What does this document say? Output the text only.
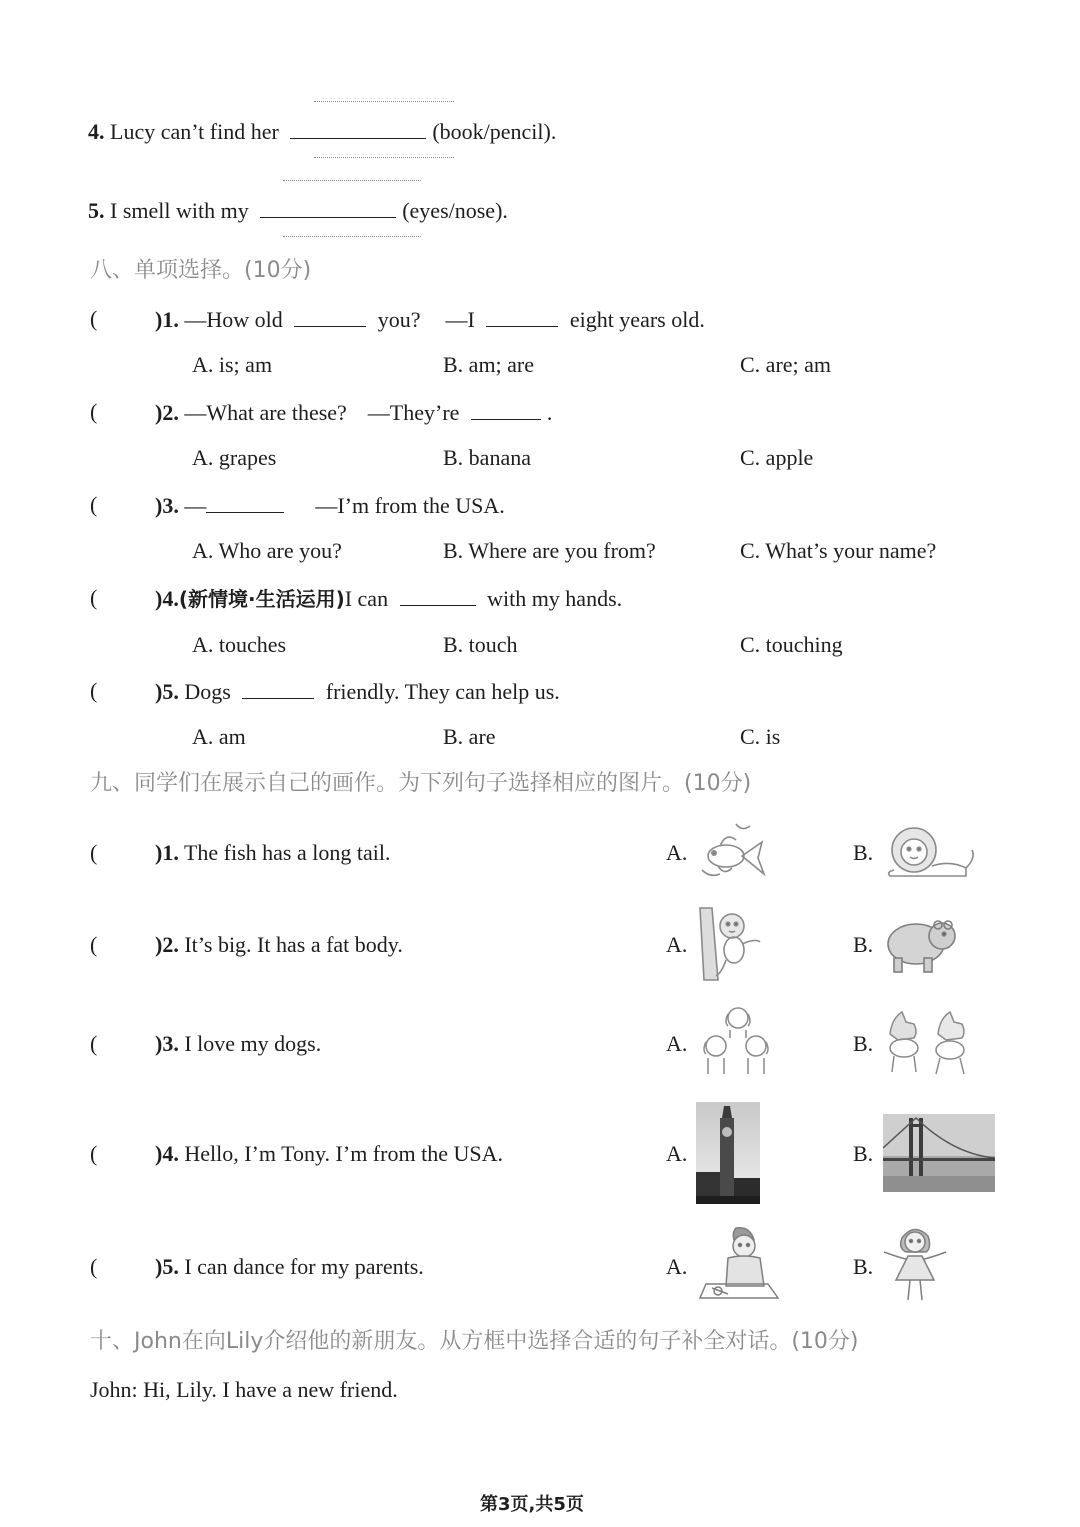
4. Lucy can’t find her	(book/pencil).
5. I smell with my	(eyes/nose).
八、单项选择。(10分)
(	)1. —How old	you? —I	eight years old.
A. is; am	B. am; are	C. are; am
(	)2. —What are these? —They’re	.
A. grapes	B. banana	C. apple
(	)3. —	—I’m from the USA.
A. Who are you?	B. Where are you from?	C. What’s your name?
(	)4.(新情境·生活运用)I can	with my hands.
A. touches	B. touch	C. touching
(	)5. Dogs	friendly. They can help us.
A. am	B. are	C. is
九、同学们在展示自己的画作。为下列句子选择相应的图片。(10分)
(	)1. The fish has a long tail.	A.	B.
(	)2. It’s big. It has a fat body.	A.	B.
(	)3. I love my dogs.	A.	B.
(	)4. Hello, I’m Tony. I’m from the USA.	A.	B.
(	)5. I can dance for my parents.	A.	B.
十、John在向Lily介绍他的新朋友。从方框中选择合适的句子补全对话。(10分)
John: Hi, Lily. I have a new friend.
第3页,共5页
